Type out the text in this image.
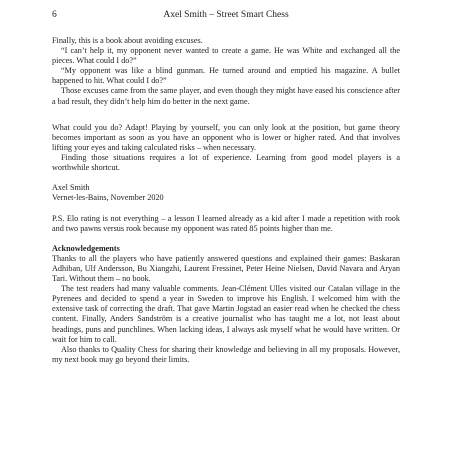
6	Axel Smith – Street Smart Chess

Finally, this is a book about avoiding excuses.

“I can’t help it, my opponent never wanted to create a game. He was White and exchanged all the pieces. What could I do?”

“My opponent was like a blind gunman. He turned around and emptied his magazine. A bullet happened to hit. What could I do?”

Those excuses came from the same player, and even though they might have eased his conscience after a bad result, they didn’t help him do better in the next game.

What could you do? Adapt! Playing by yourself, you can only look at the position, but game theory becomes important as soon as you have an opponent who is lower or higher rated. And that involves lifting your eyes and taking calculated risks – when necessary.

Finding those situations requires a lot of experience. Learning from good model players is a worthwhile shortcut.

Axel Smith

Vernet-les-Bains, November 2020

P.S. Elo rating is not everything – a lesson I learned already as a kid after I made a repetition with rook and two pawns versus rook because my opponent was rated 85 points higher than me.

Acknowledgements

Thanks to all the players who have patiently answered questions and explained their games: Baskaran Adhiban, Ulf Andersson, Bu Xiangzhi, Laurent Fressinet, Peter Heine Nielsen, David Navara and Aryan Tari. Without them – no book.

The test readers had many valuable comments. Jean-Clément Ulles visited our Catalan village in the Pyrenees and decided to spend a year in Sweden to improve his English. I welcomed him with the extensive task of correcting the draft. That gave Martin Jogstad an easier read when he checked the chess content. Finally, Anders Sandström is a creative journalist who has taught me a lot, not least about headings, puns and punchlines. When lacking ideas, I always ask myself what he would have written. Or wait for him to call.

Also thanks to Quality Chess for sharing their knowledge and believing in all my proposals. However, my next book may go beyond their limits.
